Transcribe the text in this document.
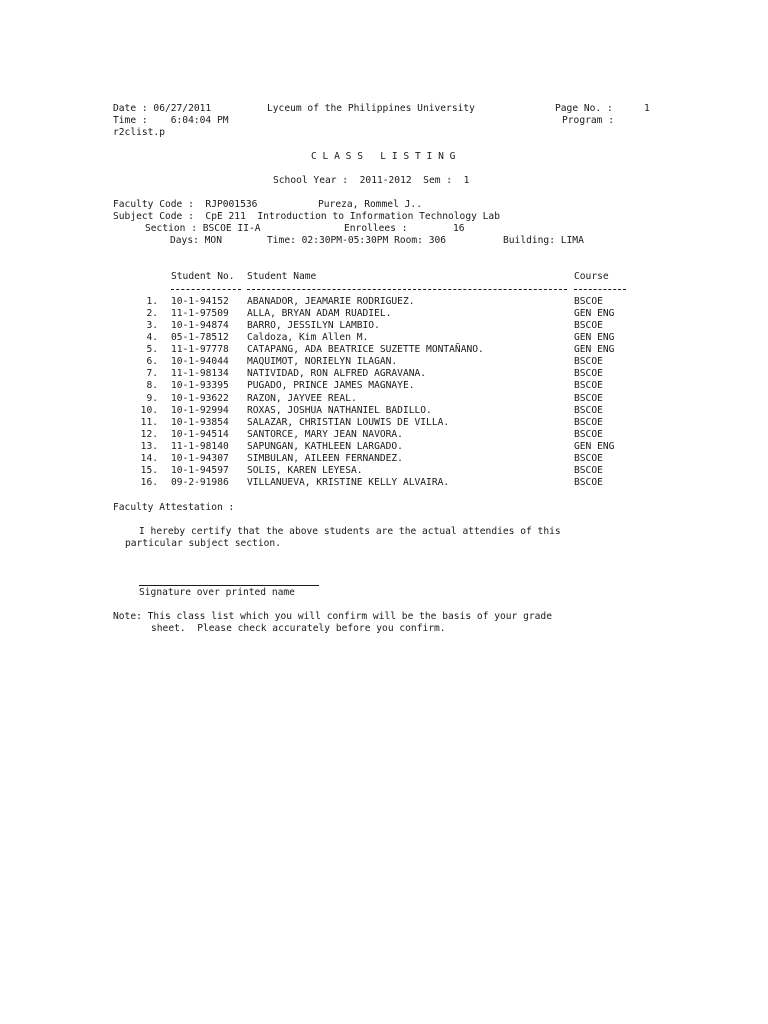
Date : 06/27/2011	Lyceum of the Philippines University	Page No. :	1
Time :    6:04:04 PM	Program :
r2clist.p
C L A S S   L I S T I N G
School Year :  2011-2012  Sem :  1
Faculty Code :  RJP001536	Pureza, Rommel J..
Subject Code :  CpE 211  Introduction to Information Technology Lab
Section : BSCOE II-A	Enrollees :	16
Days: MON	Time: 02:30PM-05:30PM Room: 306	Building: LIMA
Student No. Student Name	Course
1. 10-1-94152 ABANADOR, JEAMARIE RODRIGUEZ.	BSCOE
2. 11-1-97509 ALLA, BRYAN ADAM RUADIEL.	GEN ENG
3. 10-1-94874 BARRO, JESSILYN LAMBIO.	BSCOE
4. 05-1-78512 Caldoza, Kim Allen M.	GEN ENG
5. 11-1-97778 CATAPANG, ADA BEATRICE SUZETTE MONTAÑANO.	GEN ENG
6. 10-1-94044 MAQUIMOT, NORIELYN ILAGAN.	BSCOE
7. 11-1-98134 NATIVIDAD, RON ALFRED AGRAVANA.	BSCOE
8. 10-1-93395 PUGADO, PRINCE JAMES MAGNAYE.	BSCOE
9. 10-1-93622 RAZON, JAYVEE REAL.	BSCOE
10. 10-1-92994 ROXAS, JOSHUA NATHANIEL BADILLO.	BSCOE
11. 10-1-93854 SALAZAR, CHRISTIAN LOUWIS DE VILLA.	BSCOE
12. 10-1-94514 SANTORCE, MARY JEAN NAVORA.	BSCOE
13. 11-1-98140 SAPUNGAN, KATHLEEN LARGADO.	GEN ENG
14. 10-1-94307 SIMBULAN, AILEEN FERNANDEZ.	BSCOE
15. 10-1-94597 SOLIS, KAREN LEYESA.	BSCOE
16. 09-2-91986 VILLANUEVA, KRISTINE KELLY ALVAIRA.	BSCOE
Faculty Attestation :
I hereby certify that the above students are the actual attendies of this
particular subject section.
Signature over printed name
Note: This class list which you will confirm will be the basis of your grade
sheet.  Please check accurately before you confirm.
